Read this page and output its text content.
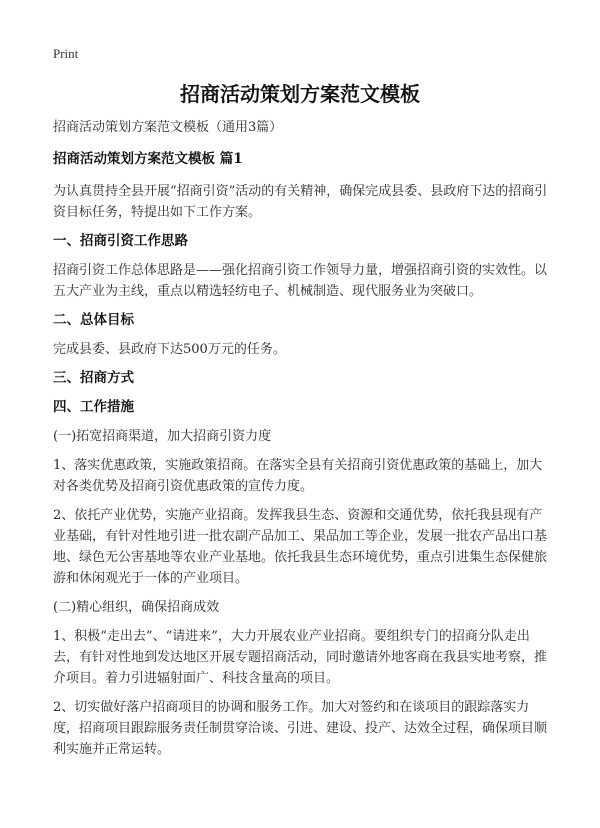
Print
招商活动策划方案范文模板

招商活动策划方案范文模板（通用3篇）

招商活动策划方案范文模板 篇1

为认真贯持全县开展“招商引资”活动的有关精神，确保完成县委、县政府下达的招商引资目标任务，特提出如下工作方案。

一、招商引资工作思路

招商引资工作总体思路是——强化招商引资工作领导力量，增强招商引资的实效性。以五大产业为主线，重点以精选轻纺电子、机械制造、现代服务业为突破口。

二、总体目标

完成县委、县政府下达500万元的任务。

三、招商方式

四、工作措施

(一)拓宽招商渠道，加大招商引资力度

1、落实优惠政策，实施政策招商。在落实全县有关招商引资优惠政策的基础上，加大对各类优势及招商引资优惠政策的宣传力度。

2、依托产业优势，实施产业招商。发挥我县生态、资源和交通优势，依托我县现有产业基础，有针对性地引进一批农副产品加工、果品加工等企业，发展一批农产品出口基地、绿色无公害基地等农业产业基地。依托我县生态环境优势，重点引进集生态保健旅游和休闲观光于一体的产业项目。

(二)精心组织，确保招商成效

1、积极“走出去”、“请进来”，大力开展农业产业招商。要组织专门的招商分队走出去，有针对性地到发达地区开展专题招商活动，同时邀请外地客商在我县实地考察，推介项目。着力引进辐射面广、科技含量高的项目。

2、切实做好落户招商项目的协调和服务工作。加大对签约和在谈项目的跟踪落实力度，招商项目跟踪服务责任制贯穿洽谈、引进、建设、投产、达效全过程，确保项目顺利实施并正常运转。
